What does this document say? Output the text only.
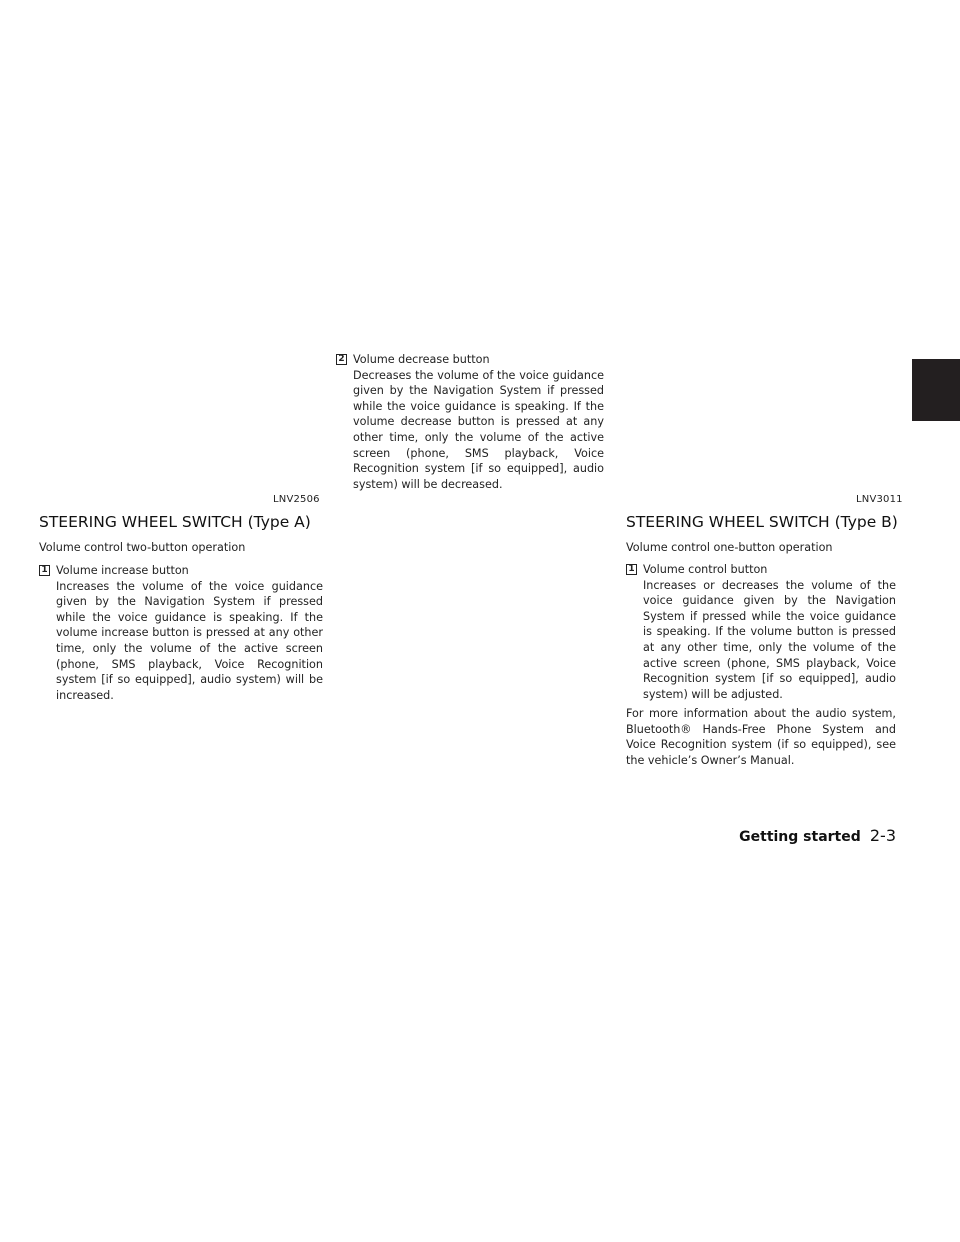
LNV2506	LNV3011
STEERING WHEEL SWITCH (Type A)

Volume control two-button operation

1 Volume increase button
Increases the volume of the voice guidance given by the Navigation System if pressed while the voice guidance is speaking. If the volume increase button is pressed at any other time, only the volume of the active screen (phone, SMS playback, Voice Recognition system [if so equipped], audio system) will be increased.
2 Volume decrease button
Decreases the volume of the voice guidance given by the Navigation System if pressed while the voice guidance is speaking. If the volume decrease button is pressed at any other time, only the volume of the active screen (phone, SMS playback, Voice Recognition system [if so equipped], audio system) will be decreased.
STEERING WHEEL SWITCH (Type B)

Volume control one-button operation

1 Volume control button
Increases or decreases the volume of the voice guidance given by the Navigation System if pressed while the voice guidance is speaking. If the volume button is pressed at any other time, only the volume of the active screen (phone, SMS playback, Voice Recognition system [if so equipped], audio system) will be adjusted.

For more information about the audio system, Bluetooth® Hands-Free Phone System and Voice Recognition system (if so equipped), see the vehicle’s Owner’s Manual.

Getting started 2-3
